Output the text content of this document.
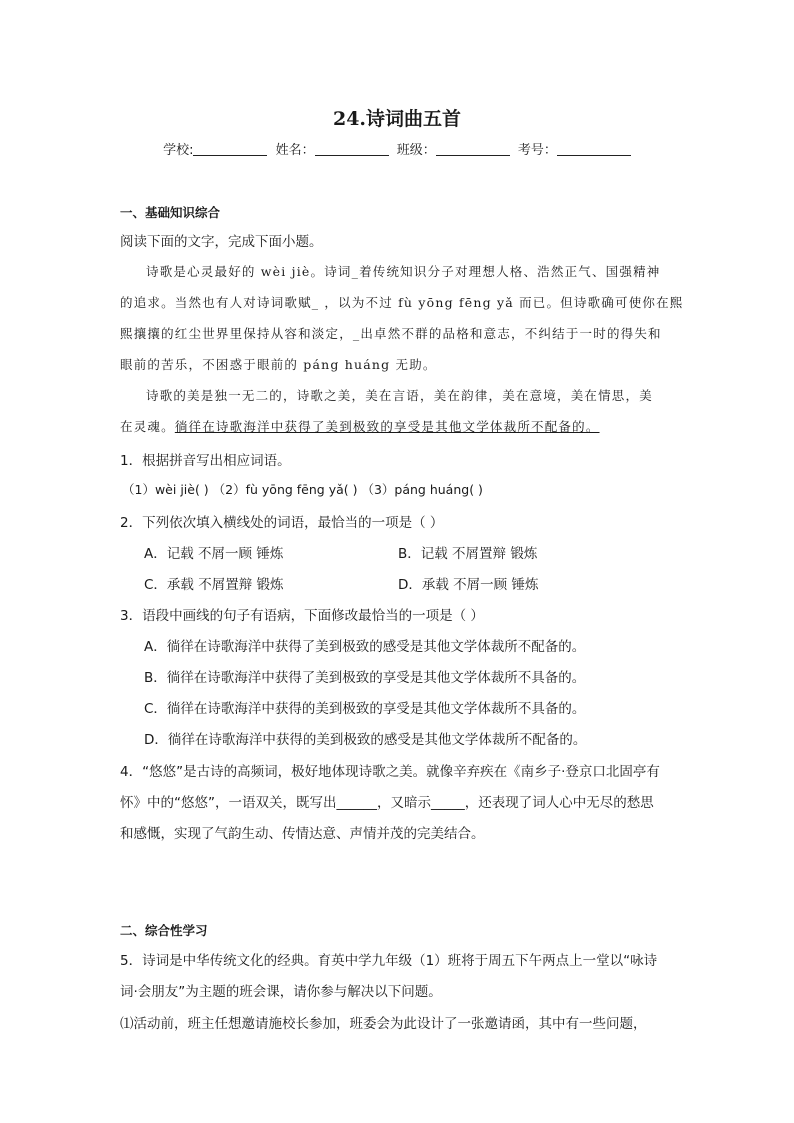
24.诗词曲五首
学校:	姓名：	班级：	考号：
一、基础知识综合
阅读下面的文字，完成下面小题。
诗歌是心灵最好的 wèi jiè。诗词_着传统知识分子对理想人格、浩然正气、国强精神
的追求。当然也有人对诗词歌赋_ ，以为不过 fù yōng fēng yǎ 而已。但诗歌确可使你在熙
熙攘攘的红尘世界里保持从容和淡定，_出卓然不群的品格和意志，不纠结于一时的得失和
眼前的苦乐，不困惑于眼前的 páng huáng 无助。
诗歌的美是独一无二的，诗歌之美，美在言语，美在韵律，美在意境，美在情思，美
在灵魂。徜徉在诗歌海洋中获得了美到极致的享受是其他文学体裁所不配备的。
1．根据拼音写出相应词语。
（1）wèi jiè( ) （2）fù yōng fēng yǎ( ) （3）páng huáng( )
2．下列依次填入横线处的词语，最恰当的一项是（ ）
A．记载 不屑一顾 锤炼	B．记载 不屑置辩 锻炼
C．承载 不屑置辩 锻炼	D．承载 不屑一顾 锤炼
3．语段中画线的句子有语病，下面修改最恰当的一项是（ ）
A．徜徉在诗歌海洋中获得了美到极致的感受是其他文学体裁所不配备的。
B．徜徉在诗歌海洋中获得了美到极致的享受是其他文学体裁所不具备的。
C．徜徉在诗歌海洋中获得的美到极致的享受是其他文学体裁所不具备的。
D．徜徉在诗歌海洋中获得的美到极致的感受是其他文学体裁所不配备的。
4．“悠悠”是古诗的高频词，极好地体现诗歌之美。就像辛弃疾在《南乡子·登京口北固亭有
怀》中的“悠悠”，一语双关，既写出______，又暗示_____，还表现了词人心中无尽的愁思
和感慨，实现了气韵生动、传情达意、声情并茂的完美结合。
二、综合性学习
5．诗词是中华传统文化的经典。育英中学九年级（1）班将于周五下午两点上一堂以“咏诗
词·会朋友”为主题的班会课，请你参与解决以下问题。
⑴活动前，班主任想邀请施校长参加，班委会为此设计了一张邀请函，其中有一些问题，
